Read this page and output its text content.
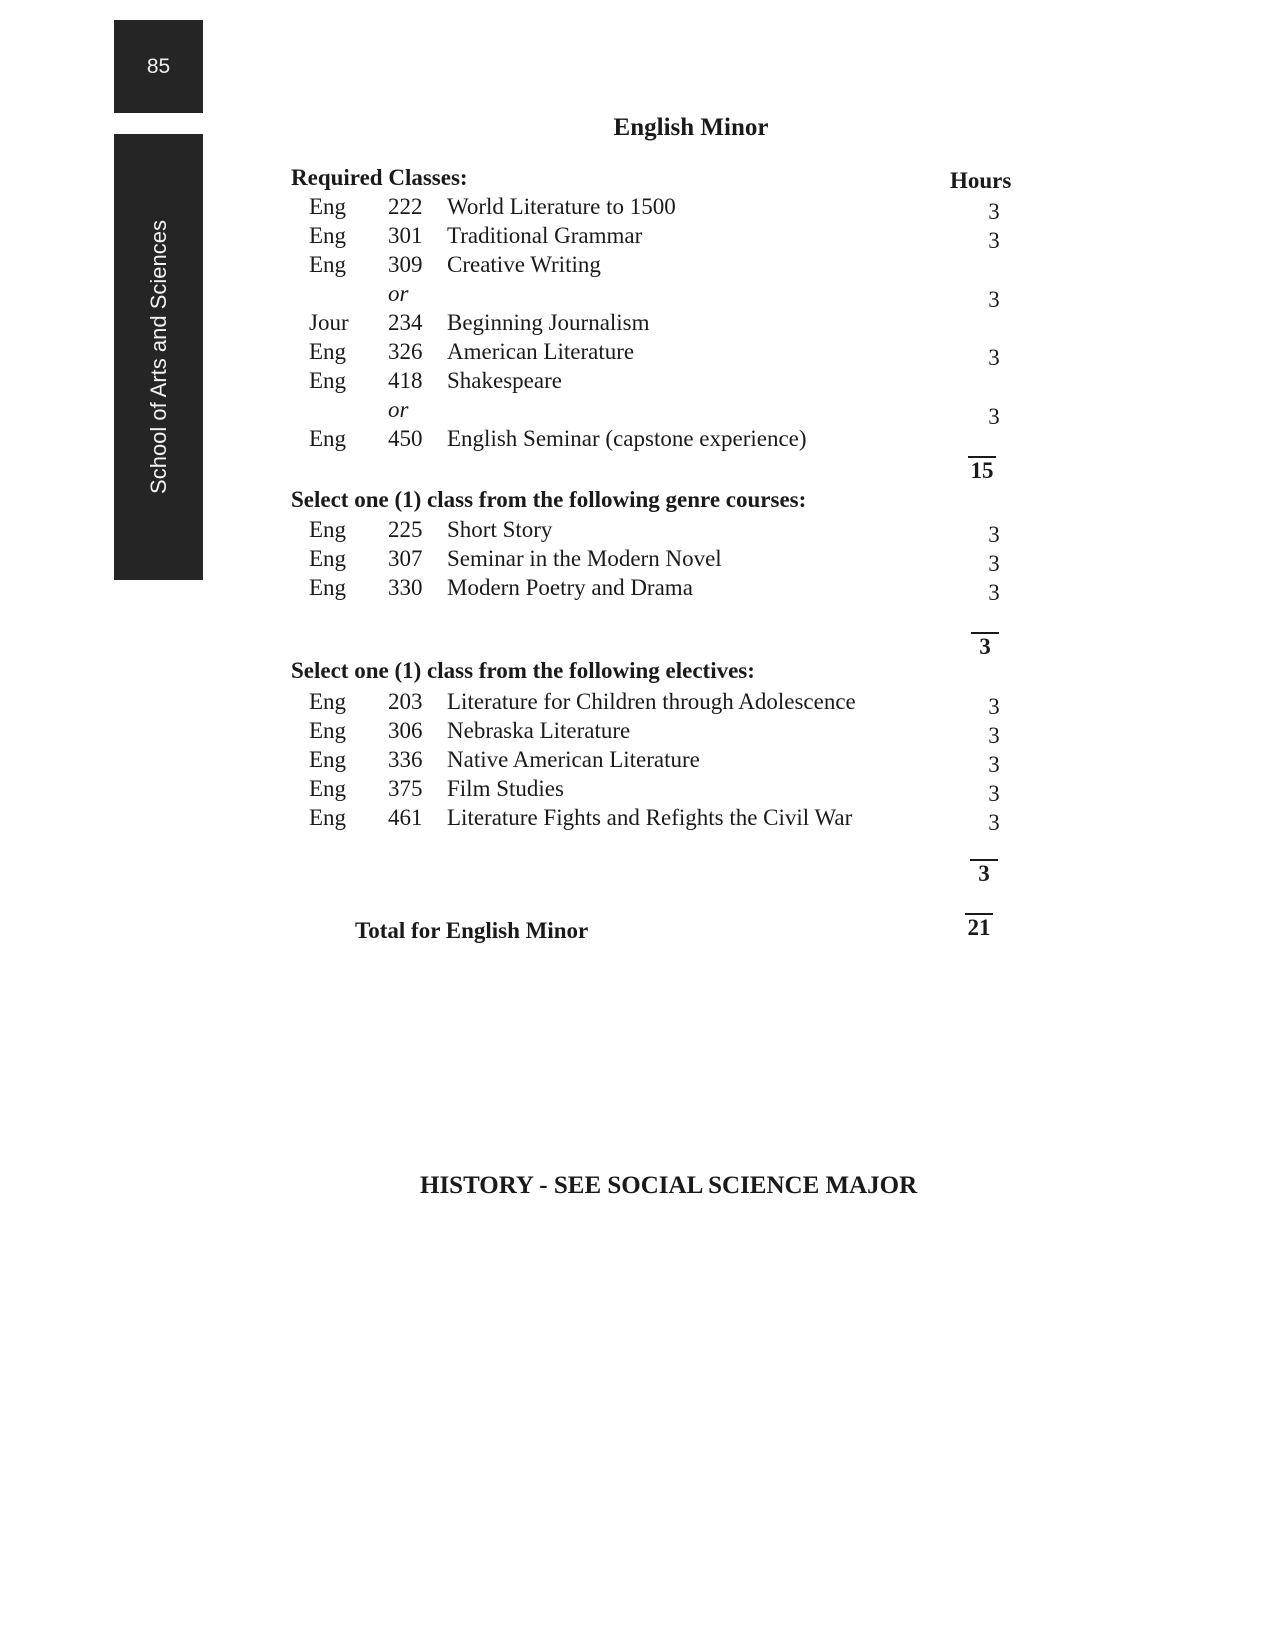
85
School of Arts and Sciences
English Minor
Hours
Required Classes:
Eng 222 World Literature to 1500
Eng 301 Traditional Grammar
Eng 309 Creative Writing
or
Jour 234 Beginning Journalism
Eng 326 American Literature
Eng 418 Shakespeare
or
Eng 450 English Seminar (capstone experience)
3
3
3
3
3
15
Select one (1) class from the following genre courses:
Eng 225 Short Story
Eng 307 Seminar in the Modern Novel
Eng 330 Modern Poetry and Drama
3
3
3
3
Select one (1) class from the following electives:
Eng 203 Literature for Children through Adolescence
Eng 306 Nebraska Literature
Eng 336 Native American Literature
Eng 375 Film Studies
Eng 461 Literature Fights and Refights the Civil War
3
3
3
3
3
3
Total for English Minor	21
HISTORY - SEE SOCIAL SCIENCE MAJOR
